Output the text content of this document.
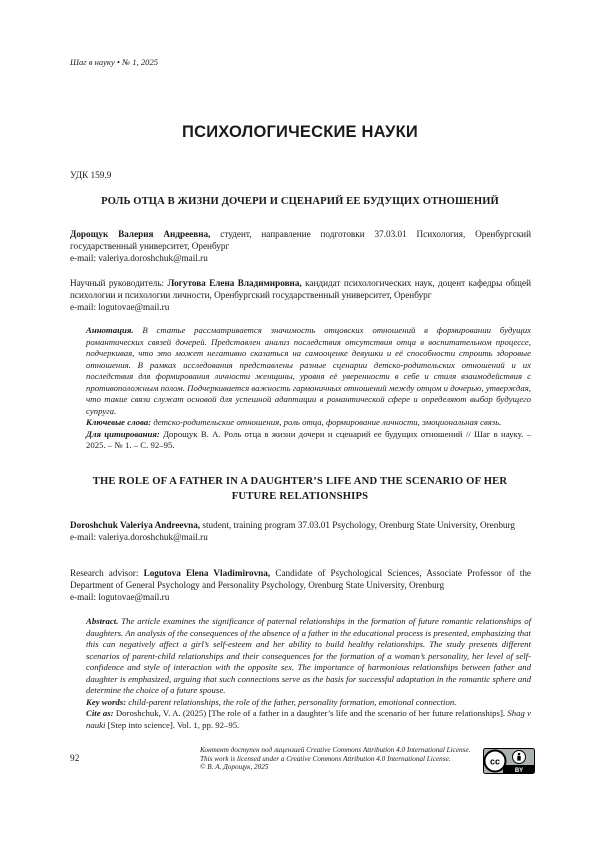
Шаг в науку • № 1, 2025
ПСИХОЛОГИЧЕСКИЕ НАУКИ
УДК 159.9
РОЛЬ ОТЦА В ЖИЗНИ ДОЧЕРИ И СЦЕНАРИЙ ЕЕ БУДУЩИХ ОТНОШЕНИЙ
Дорощук Валерия Андреевна, студент, направление подготовки 37.03.01 Психология, Оренбургский государственный университет, Оренбург
e-mail: valeriya.doroshchuk@mail.ru
Научный руководитель: Логутова Елена Владимировна, кандидат психологических наук, доцент кафедры общей психологии и психологии личности, Оренбургский государственный университет, Оренбург
e-mail: logutovae@mail.ru
Аннотация. В статье рассматривается значимость отцовских отношений в формировании будущих романтических связей дочерей. Представлен анализ последствия отсутствия отца в воспитательном процессе, подчеркивая, что это может негативно сказаться на самооценке девушки и её способности строить здоровые отношения. В рамках исследования представлены разные сценарии детско-родительских отношений и их последствия для формирования личности женщины, уровня её уверенности в себе и стиля взаимодействия с противоположным полом. Подчеркивается важность гармоничных отношений между отцом и дочерью, утверждая, что такие связи служат основой для успешной адаптации в романтической сфере и определяют выбор будущего супруга.
Ключевые слова: детско-родительские отношения, роль отца, формирование личности, эмоциональная связь.
Для цитирования: Дорощук В. А. Роль отца в жизни дочери и сценарий ее будущих отношений // Шаг в науку. – 2025. – № 1. – С. 92–95.
THE ROLE OF A FATHER IN A DAUGHTER’S LIFE AND THE SCENARIO OF HER FUTURE RELATIONSHIPS
Doroshchuk Valeriya Andreevna, student, training program 37.03.01 Psychology, Orenburg State University, Orenburg
e-mail: valeriya.doroshchuk@mail.ru
Research advisor: Logutova Elena Vladimirovna, Candidate of Psychological Sciences, Associate Professor of the Department of General Psychology and Personality Psychology, Orenburg State University, Orenburg
e-mail: logutovae@mail.ru
Abstract. The article examines the significance of paternal relationships in the formation of future romantic relationships of daughters. An analysis of the consequences of the absence of a father in the educational process is presented, emphasizing that this can negatively affect a girl’s self-esteem and her ability to build healthy relationships. The study presents different scenarios of parent-child relationships and their consequences for the formation of a woman’s personality, her level of self-confidence and style of interaction with the opposite sex. The importance of harmonious relationships between father and daughter is emphasized, arguing that such connections serve as the basis for successful adaptation in the romantic sphere and determine the choice of a future spouse.
Key words: child-parent relationships, the role of the father, personality formation, emotional connection.
Cite as: Doroshchuk, V. A. (2025) [The role of a father in a daughter’s life and the scenario of her future relationships]. Shag v nauki [Step into science]. Vol. 1, pp. 92–95.
92
Контент доступен под лицензией Creative Commons Attribution 4.0 International License.
This work is licensed under a Creative Commons Attribution 4.0 International License.
© В. А. Дорощук, 2025
cc
BY
